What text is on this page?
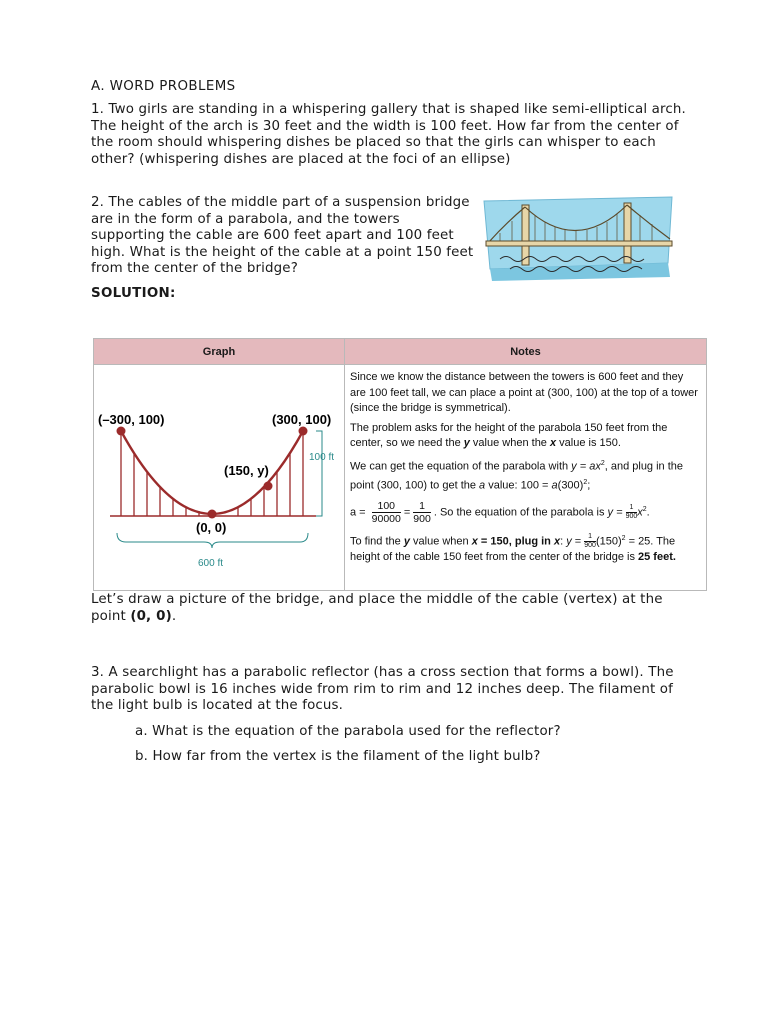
A. WORD PROBLEMS
1. Two girls are standing in a whispering gallery that is shaped like semi-elliptical arch. The height of the arch is 30 feet and the width is 100 feet. How far from the center of the room should whispering dishes be placed so that the girls can whisper to each other? (whispering dishes are placed at the foci of an ellipse)
2. The cables of the middle part of a suspension bridge are in the form of a parabola, and the towers supporting the cable are 600 feet apart and 100 feet high. What is the height of the cable at a point 150 feet from the center of the bridge?
SOLUTION:
Graph	Notes
(–300, 100)	(300, 100)
(150, y)
(0, 0)
100 ft
600 ft

Since we know the distance between the towers is 600 feet and they are 100 feet tall, we can place a point at (300, 100) at the top of a tower (since the bridge is symmetrical).

The problem asks for the height of the parabola 150 feet from the center, so we need the y value when the x value is 150.

We can get the equation of the parabola with $y = ax^2$, and plug in the point (300, 100) to get the a value: $100 = a(300)^2$;

$a = \frac{100}{90000} = \frac{1}{900}$ . So the equation of the parabola is $y = \frac{1}{900} x^2$.

To find the y value when x = 150, plug in x: $y = \frac{1}{900} (150)^2 = 25$. The height of the cable 150 feet from the center of the bridge is 25 feet.

Let’s draw a picture of the bridge, and place the middle of the cable (vertex) at the point (0, 0).
3. A searchlight has a parabolic reflector (has a cross section that forms a bowl). The parabolic bowl is 16 inches wide from rim to rim and 12 inches deep. The filament of the light bulb is located at the focus.
a. What is the equation of the parabola used for the reflector?
b. How far from the vertex is the filament of the light bulb?
